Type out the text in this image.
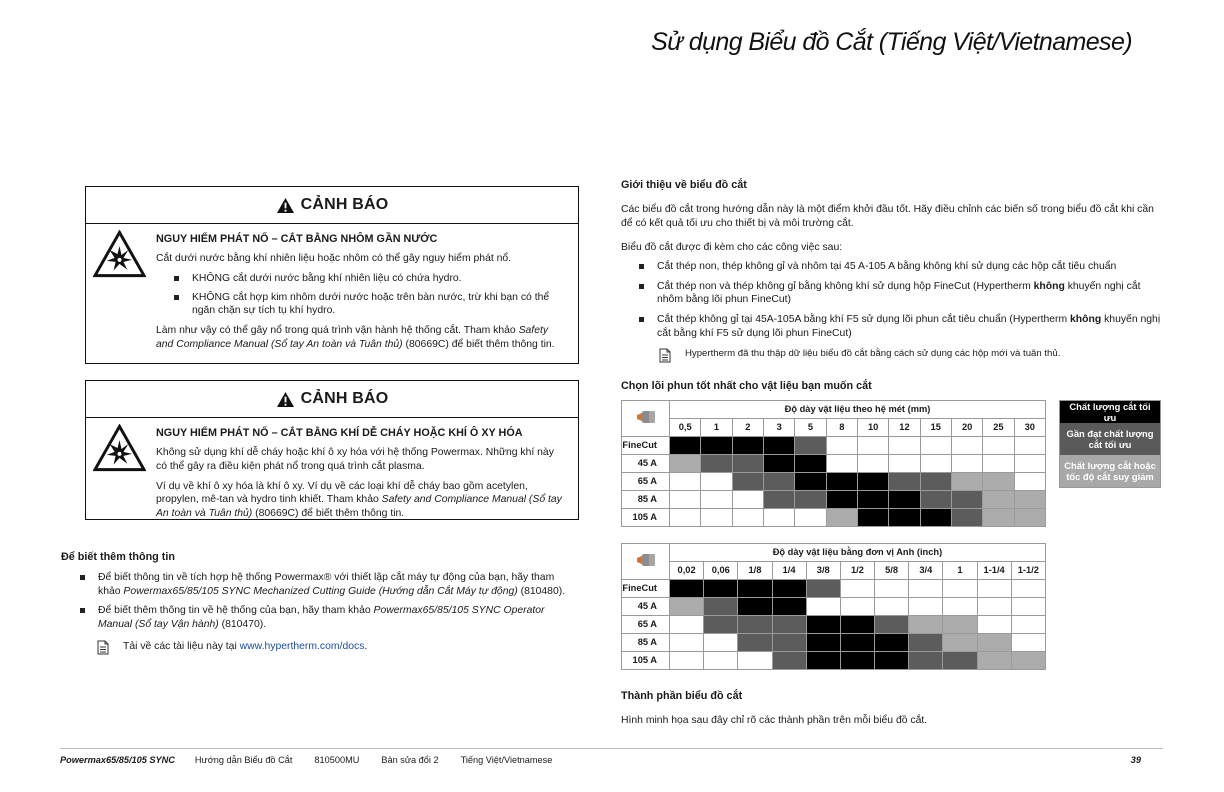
Sử dụng Biểu đồ Cắt (Tiếng Việt/Vietnamese)
CẢNH BÁO
NGUY HIỂM PHÁT NỔ – CẮT BẰNG NHÔM GẦN NƯỚC
Cắt dưới nước bằng khí nhiên liệu hoặc nhôm có thể gây nguy hiểm phát nổ.
KHÔNG cắt dưới nước bằng khí nhiên liệu có chứa hydro.
KHÔNG cắt hợp kim nhôm dưới nước hoặc trên bàn nước, trừ khi bạn có thể ngăn chặn sự tích tụ khí hydro.
Làm như vậy có thể gây nổ trong quá trình vận hành hệ thống cắt. Tham khảo Safety and Compliance Manual (Sổ tay An toàn và Tuân thủ) (80669C) để biết thêm thông tin.
CẢNH BÁO
NGUY HIỂM PHÁT NỔ – CẮT BẰNG KHÍ DỄ CHÁY HOẶC KHÍ Ô XY HÓA
Không sử dụng khí dễ cháy hoặc khí ô xy hóa với hệ thống Powermax. Những khí này có thể gây ra điều kiện phát nổ trong quá trình cắt plasma.
Ví dụ về khí ô xy hóa là khí ô xy. Ví dụ về các loại khí dễ cháy bao gồm acetylen, propylen, mê-tan và hydro tinh khiết. Tham khảo Safety and Compliance Manual (Sổ tay An toàn và Tuân thủ) (80669C) để biết thêm thông tin.
Để biết thêm thông tin
Để biết thông tin về tích hợp hệ thống Powermax® với thiết lập cắt máy tự động của bạn, hãy tham khảo Powermax65/85/105 SYNC Mechanized Cutting Guide (Hướng dẫn Cắt Máy tự động) (810480).
Để biết thêm thông tin về hệ thống của bạn, hãy tham khảo Powermax65/85/105 SYNC Operator Manual (Sổ tay Vận hành) (810470).
Tải về các tài liệu này tại www.hypertherm.com/docs.
Giới thiệu về biểu đồ cắt
Các biểu đồ cắt trong hướng dẫn này là một điểm khởi đầu tốt. Hãy điều chỉnh các biến số trong biểu đồ cắt khi cần để có kết quả tối ưu cho thiết bị và môi trường cắt.
Biểu đồ cắt được đi kèm cho các công việc sau:
Cắt thép non, thép không gỉ và nhôm tại 45 A-105 A bằng không khí sử dụng các hộp cắt tiêu chuẩn
Cắt thép non và thép không gỉ bằng không khí sử dụng hộp FineCut (Hypertherm không khuyến nghị cắt nhôm bằng lõi phun FineCut)
Cắt thép không gỉ tại 45A-105A bằng khí F5 sử dụng lõi phun cắt tiêu chuẩn (Hypertherm không khuyến nghị cắt bằng khí F5 sử dụng lõi phun FineCut)
Hypertherm đã thu thập dữ liệu biểu đồ cắt bằng cách sử dụng các hộp mới và tuân thủ.
Chọn lõi phun tốt nhất cho vật liệu bạn muốn cắt
	Độ dày vật liệu theo hệ mét (mm)											
	0,5	1	2	3	5	8	10	12	15	20	25	30
FineCut												
45 A												
65 A												
85 A												
105 A												
	Độ dày vật liệu bằng đơn vị Anh (inch)										
	0,02	0,06	1/8	1/4	3/8	1/2	5/8	3/4	1	1-1/4	1-1/2
FineCut											
45 A											
65 A											
85 A											
105 A											
Chất lượng cắt tối ưu
Gần đạt chất lượng cắt tối ưu
Chất lượng cắt hoặc tốc độ cắt suy giảm
Thành phần biểu đồ cắt
Hình minh họa sau đây chỉ rõ các thành phần trên mỗi biểu đồ cắt.
Powermax65/85/105 SYNC Hướng dẫn Biểu đồ Cắt 810500MU Bản sửa đổi 2 Tiếng Việt/Vietnamese	39
